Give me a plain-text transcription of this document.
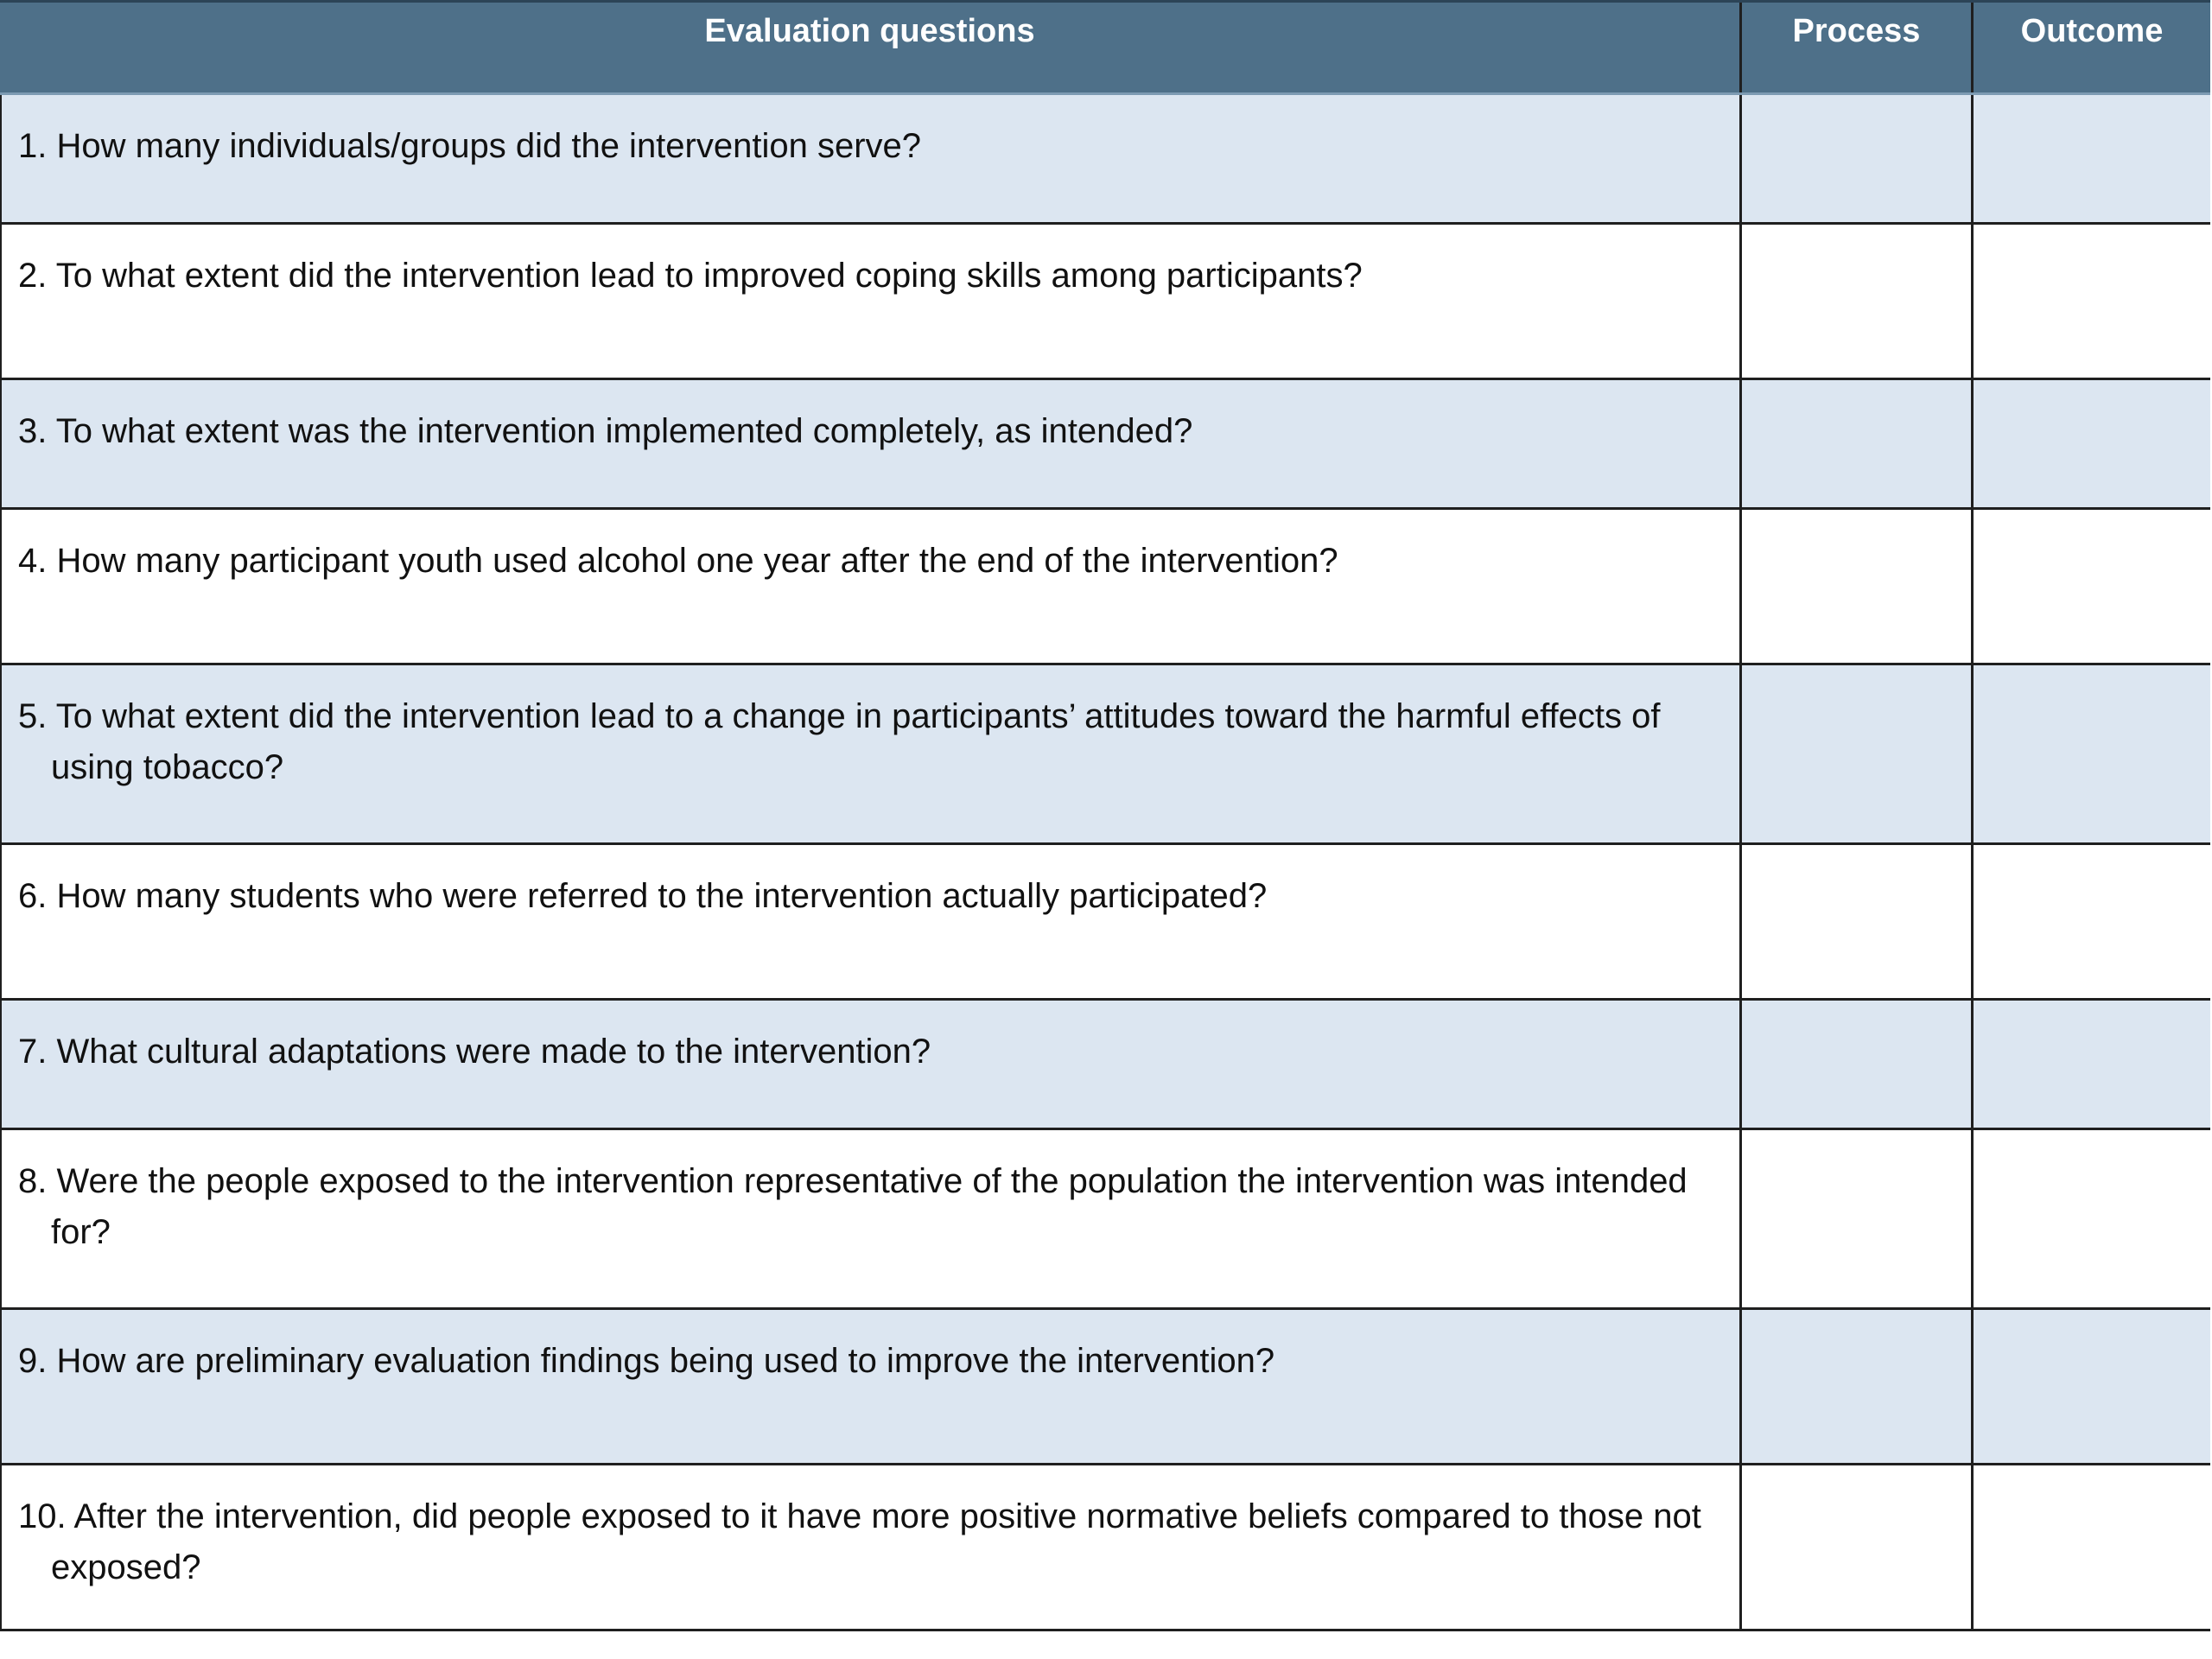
Evaluation questions	Process	Outcome
1. How many individuals/groups did the intervention serve?
2. To what extent did the intervention lead to improved coping skills among participants?
3. To what extent was the intervention implemented completely, as intended?
4. How many participant youth used alcohol one year after the end of the intervention?
5. To what extent did the intervention lead to a change in participants’ attitudes toward the harmful effects of using tobacco?
6. How many students who were referred to the intervention actually participated?
7. What cultural adaptations were made to the intervention?
8. Were the people exposed to the intervention representative of the population the intervention was intended for?
9. How are preliminary evaluation findings being used to improve the intervention?
10. After the intervention, did people exposed to it have more positive normative beliefs compared to those not exposed?
